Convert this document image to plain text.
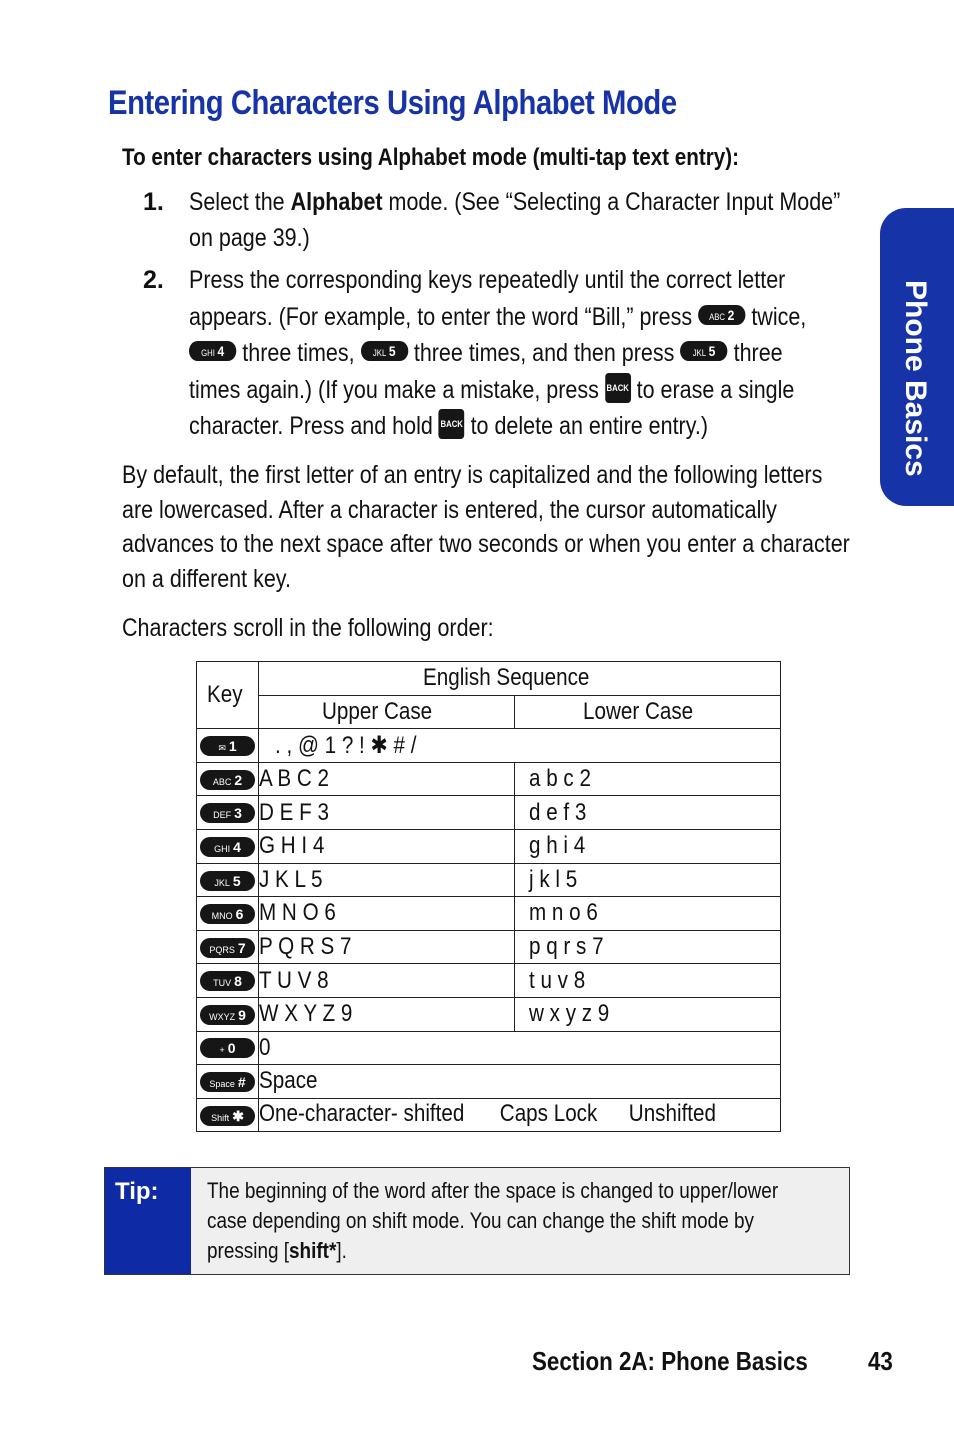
Entering Characters Using Alphabet Mode
To enter characters using Alphabet mode (multi-tap text entry):
Phone Basics
1. Select the Alphabet mode. (See “Selecting a Character Input Mode”
on page 39.)
2. Press the corresponding keys repeatedly until the correct letter
appears. (For example, to enter the word “Bill,” press ABC 2 twice,
GHI 4 three times, JKL 5 three times, and then press JKL 5 three
times again.) (If you make a mistake, press BACK to erase a single
character. Press and hold BACK to delete an entire entry.)
By default, the first letter of an entry is capitalized and the following letters
are lowercased. After a character is entered, the cursor automatically
advances to the next space after two seconds or when you enter a character
on a different key.
Characters scroll in the following order:
Key	English Sequence	
	Upper Case	Lower Case
✉ 1	. , @ 1 ? ! ✱ # /	
ABC 2	A B C 2	a b c 2
DEF 3	D E F 3	d e f 3
GHI 4	G H I 4	g h i 4
JKL 5	J K L 5	j k l 5
MNO 6	M N O 6	m n o 6
PQRS 7	P Q R S 7	p q r s 7
TUV 8	T U V 8	t u v 8
WXYZ 9	W X Y Z 9	w x y z 9
+ 0	0	
Space #	Space	
Shift ✱	One-character- shifted Caps Lock Unshifted	
Tip: The beginning of the word after the space is changed to upper/lower
case depending on shift mode. You can change the shift mode by
pressing [shift*].
Section 2A: Phone Basics 43
